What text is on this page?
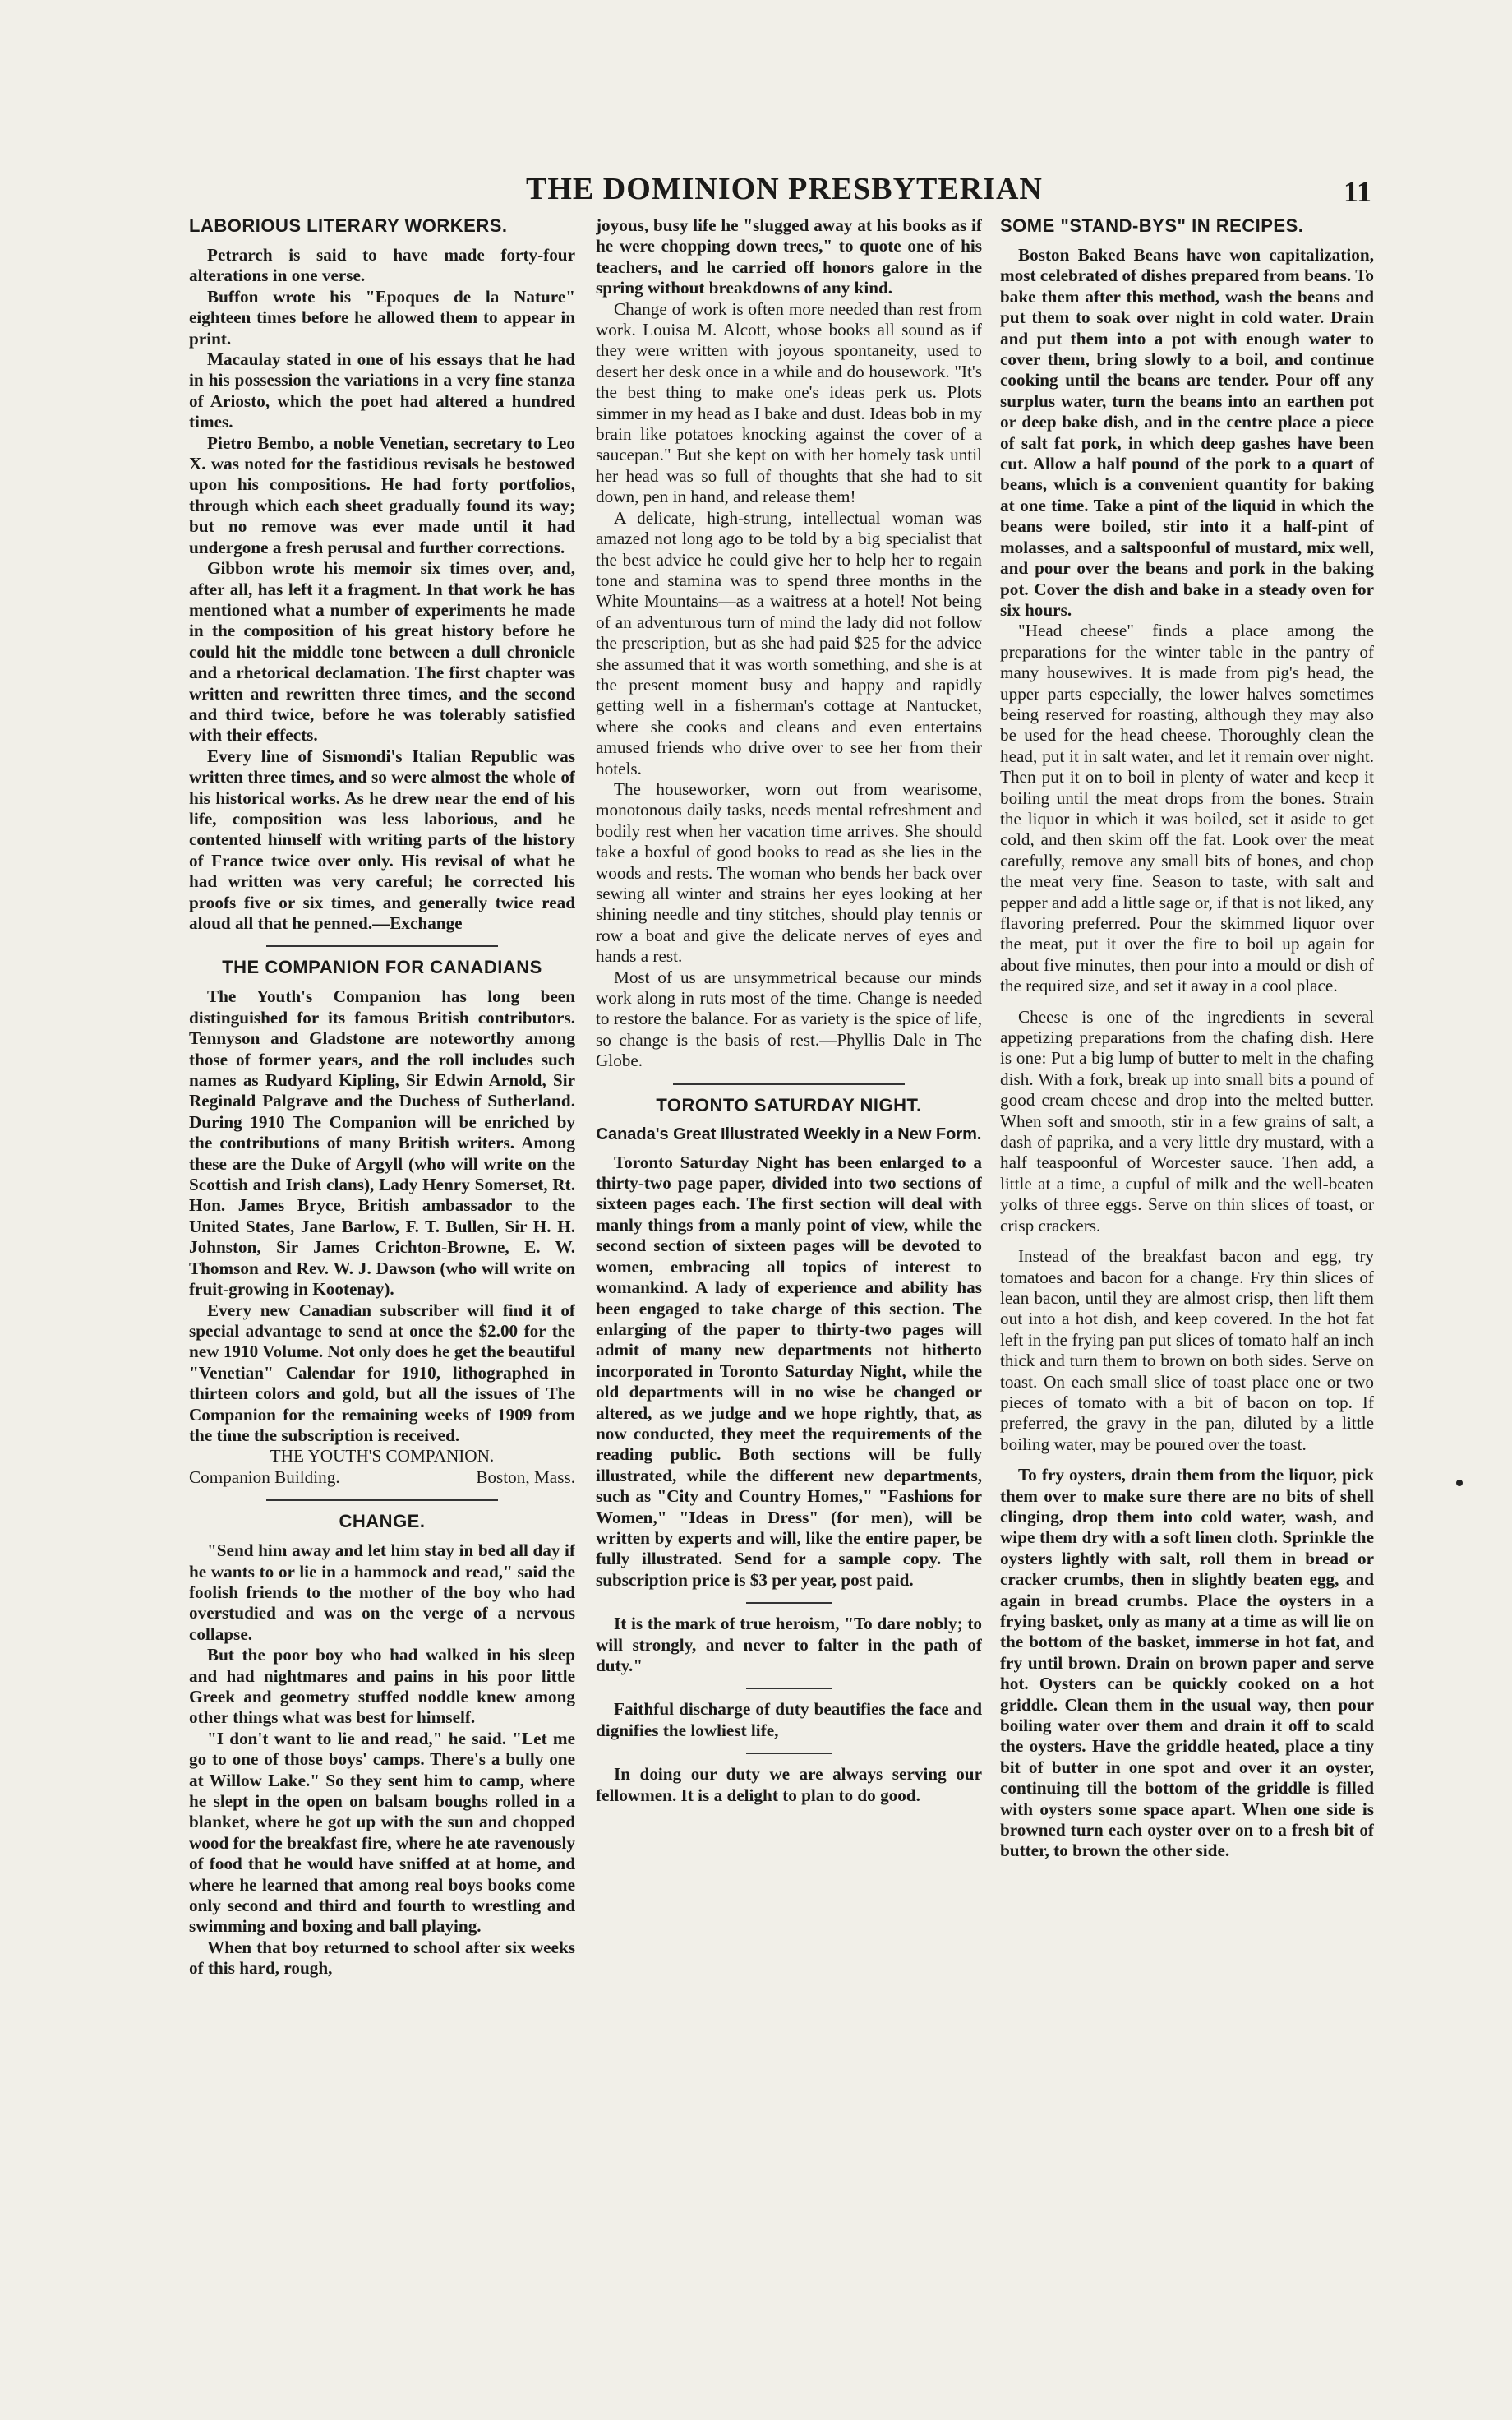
THE DOMINION PRESBYTERIAN	11
LABORIOUS LITERARY WORKERS.

Petrarch is said to have made forty-four alterations in one verse.

Buffon wrote his "Epoques de la Nature" eighteen times before he allowed them to appear in print.

Macaulay stated in one of his essays that he had in his possession the variations in a very fine stanza of Ariosto, which the poet had altered a hundred times.

Pietro Bembo, a noble Venetian, secretary to Leo X. was noted for the fastidious revisals he bestowed upon his compositions. He had forty portfolios, through which each sheet gradually found its way; but no remove was ever made until it had undergone a fresh perusal and further corrections.

Gibbon wrote his memoir six times over, and, after all, has left it a fragment. In that work he has mentioned what a number of experiments he made in the composition of his great history before he could hit the middle tone between a dull chronicle and a rhetorical declamation. The first chapter was written and rewritten three times, and the second and third twice, before he was tolerably satisfied with their effects.

Every line of Sismondi's Italian Republic was written three times, and so were almost the whole of his historical works. As he drew near the end of his life, composition was less laborious, and he contented himself with writing parts of the history of France twice over only. His revisal of what he had written was very careful; he corrected his proofs five or six times, and generally twice read aloud all that he penned.—Exchange

THE COMPANION FOR CANADIANS

The Youth's Companion has long been distinguished for its famous British contributors. Tennyson and Gladstone are noteworthy among those of former years, and the roll includes such names as Rudyard Kipling, Sir Edwin Arnold, Sir Reginald Palgrave and the Duchess of Sutherland. During 1910 The Companion will be enriched by the contributions of many British writers. Among these are the Duke of Argyll (who will write on the Scottish and Irish clans), Lady Henry Somerset, Rt. Hon. James Bryce, British ambassador to the United States, Jane Barlow, F. T. Bullen, Sir H. H. Johnston, Sir James Crichton-Browne, E. W. Thomson and Rev. W. J. Dawson (who will write on fruit-growing in Kootenay).

Every new Canadian subscriber will find it of special advantage to send at once the $2.00 for the new 1910 Volume. Not only does he get the beautiful "Venetian" Calendar for 1910, lithographed in thirteen colors and gold, but all the issues of The Companion for the remaining weeks of 1909 from the time the subscription is received.

THE YOUTH'S COMPANION.

Companion Building.	Boston, Mass.

CHANGE.

"Send him away and let him stay in bed all day if he wants to or lie in a hammock and read," said the foolish friends to the mother of the boy who had overstudied and was on the verge of a nervous collapse.

But the poor boy who had walked in his sleep and had nightmares and pains in his poor little Greek and geometry stuffed noddle knew among other things what was best for himself.

"I don't want to lie and read," he said. "Let me go to one of those boys' camps. There's a bully one at Willow Lake." So they sent him to camp, where he slept in the open on balsam boughs rolled in a blanket, where he got up with the sun and chopped wood for the breakfast fire, where he ate ravenously of food that he would have sniffed at at home, and where he learned that among real boys books come only second and third and fourth to wrestling and swimming and boxing and ball playing.

When that boy returned to school after six weeks of this hard, rough,

joyous, busy life he "slugged away at his books as if he were chopping down trees," to quote one of his teachers, and he carried off honors galore in the spring without breakdowns of any kind.

Change of work is often more needed than rest from work. Louisa M. Alcott, whose books all sound as if they were written with joyous spontaneity, used to desert her desk once in a while and do housework. "It's the best thing to make one's ideas perk us. Plots simmer in my head as I bake and dust. Ideas bob in my brain like potatoes knocking against the cover of a saucepan." But she kept on with her homely task until her head was so full of thoughts that she had to sit down, pen in hand, and release them!

A delicate, high-strung, intellectual woman was amazed not long ago to be told by a big specialist that the best advice he could give her to help her to regain tone and stamina was to spend three months in the White Mountains—as a waitress at a hotel! Not being of an adventurous turn of mind the lady did not follow the prescription, but as she had paid $25 for the advice she assumed that it was worth something, and she is at the present moment busy and happy and rapidly getting well in a fisherman's cottage at Nantucket, where she cooks and cleans and even entertains amused friends who drive over to see her from their hotels.

The houseworker, worn out from wearisome, monotonous daily tasks, needs mental refreshment and bodily rest when her vacation time arrives. She should take a boxful of good books to read as she lies in the woods and rests. The woman who bends her back over sewing all winter and strains her eyes looking at her shining needle and tiny stitches, should play tennis or row a boat and give the delicate nerves of eyes and hands a rest.

Most of us are unsymmetrical because our minds work along in ruts most of the time. Change is needed to restore the balance. For as variety is the spice of life, so change is the basis of rest.—Phyllis Dale in The Globe.

TORONTO SATURDAY NIGHT.
Canada's Great Illustrated Weekly in a New Form.

Toronto Saturday Night has been enlarged to a thirty-two page paper, divided into two sections of sixteen pages each. The first section will deal with manly things from a manly point of view, while the second section of sixteen pages will be devoted to women, embracing all topics of interest to womankind. A lady of experience and ability has been engaged to take charge of this section. The enlarging of the paper to thirty-two pages will admit of many new departments not hitherto incorporated in Toronto Saturday Night, while the old departments will in no wise be changed or altered, as we judge and we hope rightly, that, as now conducted, they meet the requirements of the reading public. Both sections will be fully illustrated, while the different new departments, such as "City and Country Homes," "Fashions for Women," "Ideas in Dress" (for men), will be written by experts and will, like the entire paper, be fully illustrated. Send for a sample copy. The subscription price is $3 per year, post paid.

It is the mark of true heroism, "To dare nobly; to will strongly, and never to falter in the path of duty."

Faithful discharge of duty beautifies the face and dignifies the lowliest life,

In doing our duty we are always serving our fellowmen. It is a delight to plan to do good.

SOME "STAND-BYS" IN RECIPES.

Boston Baked Beans have won capitalization, most celebrated of dishes prepared from beans. To bake them after this method, wash the beans and put them to soak over night in cold water. Drain and put them into a pot with enough water to cover them, bring slowly to a boil, and continue cooking until the beans are tender. Pour off any surplus water, turn the beans into an earthen pot or deep bake dish, and in the centre place a piece of salt fat pork, in which deep gashes have been cut. Allow a half pound of the pork to a quart of beans, which is a convenient quantity for baking at one time. Take a pint of the liquid in which the beans were boiled, stir into it a half-pint of molasses, and a saltspoonful of mustard, mix well, and pour over the beans and pork in the baking pot. Cover the dish and bake in a steady oven for six hours.

"Head cheese" finds a place among the preparations for the winter table in the pantry of many housewives. It is made from pig's head, the upper parts especially, the lower halves sometimes being reserved for roasting, although they may also be used for the head cheese. Thoroughly clean the head, put it in salt water, and let it remain over night. Then put it on to boil in plenty of water and keep it boiling until the meat drops from the bones. Strain the liquor in which it was boiled, set it aside to get cold, and then skim off the fat. Look over the meat carefully, remove any small bits of bones, and chop the meat very fine. Season to taste, with salt and pepper and add a little sage or, if that is not liked, any flavoring preferred. Pour the skimmed liquor over the meat, put it over the fire to boil up again for about five minutes, then pour into a mould or dish of the required size, and set it away in a cool place.

Cheese is one of the ingredients in several appetizing preparations from the chafing dish. Here is one: Put a big lump of butter to melt in the chafing dish. With a fork, break up into small bits a pound of good cream cheese and drop into the melted butter. When soft and smooth, stir in a few grains of salt, a dash of paprika, and a very little dry mustard, with a half teaspoonful of Worcester sauce. Then add, a little at a time, a cupful of milk and the well-beaten yolks of three eggs. Serve on thin slices of toast, or crisp crackers.

Instead of the breakfast bacon and egg, try tomatoes and bacon for a change. Fry thin slices of lean bacon, until they are almost crisp, then lift them out into a hot dish, and keep covered. In the hot fat left in the frying pan put slices of tomato half an inch thick and turn them to brown on both sides. Serve on toast. On each small slice of toast place one or two pieces of tomato with a bit of bacon on top. If preferred, the gravy in the pan, diluted by a little boiling water, may be poured over the toast.

To fry oysters, drain them from the liquor, pick them over to make sure there are no bits of shell clinging, drop them into cold water, wash, and wipe them dry with a soft linen cloth. Sprinkle the oysters lightly with salt, roll them in bread or cracker crumbs, then in slightly beaten egg, and again in bread crumbs. Place the oysters in a frying basket, only as many at a time as will lie on the bottom of the basket, immerse in hot fat, and fry until brown. Drain on brown paper and serve hot. Oysters can be quickly cooked on a hot griddle. Clean them in the usual way, then pour boiling water over them and drain it off to scald the oysters. Have the griddle heated, place a tiny bit of butter in one spot and over it an oyster, continuing till the bottom of the griddle is filled with oysters some space apart. When one side is browned turn each oyster over on to a fresh bit of butter, to brown the other side.
